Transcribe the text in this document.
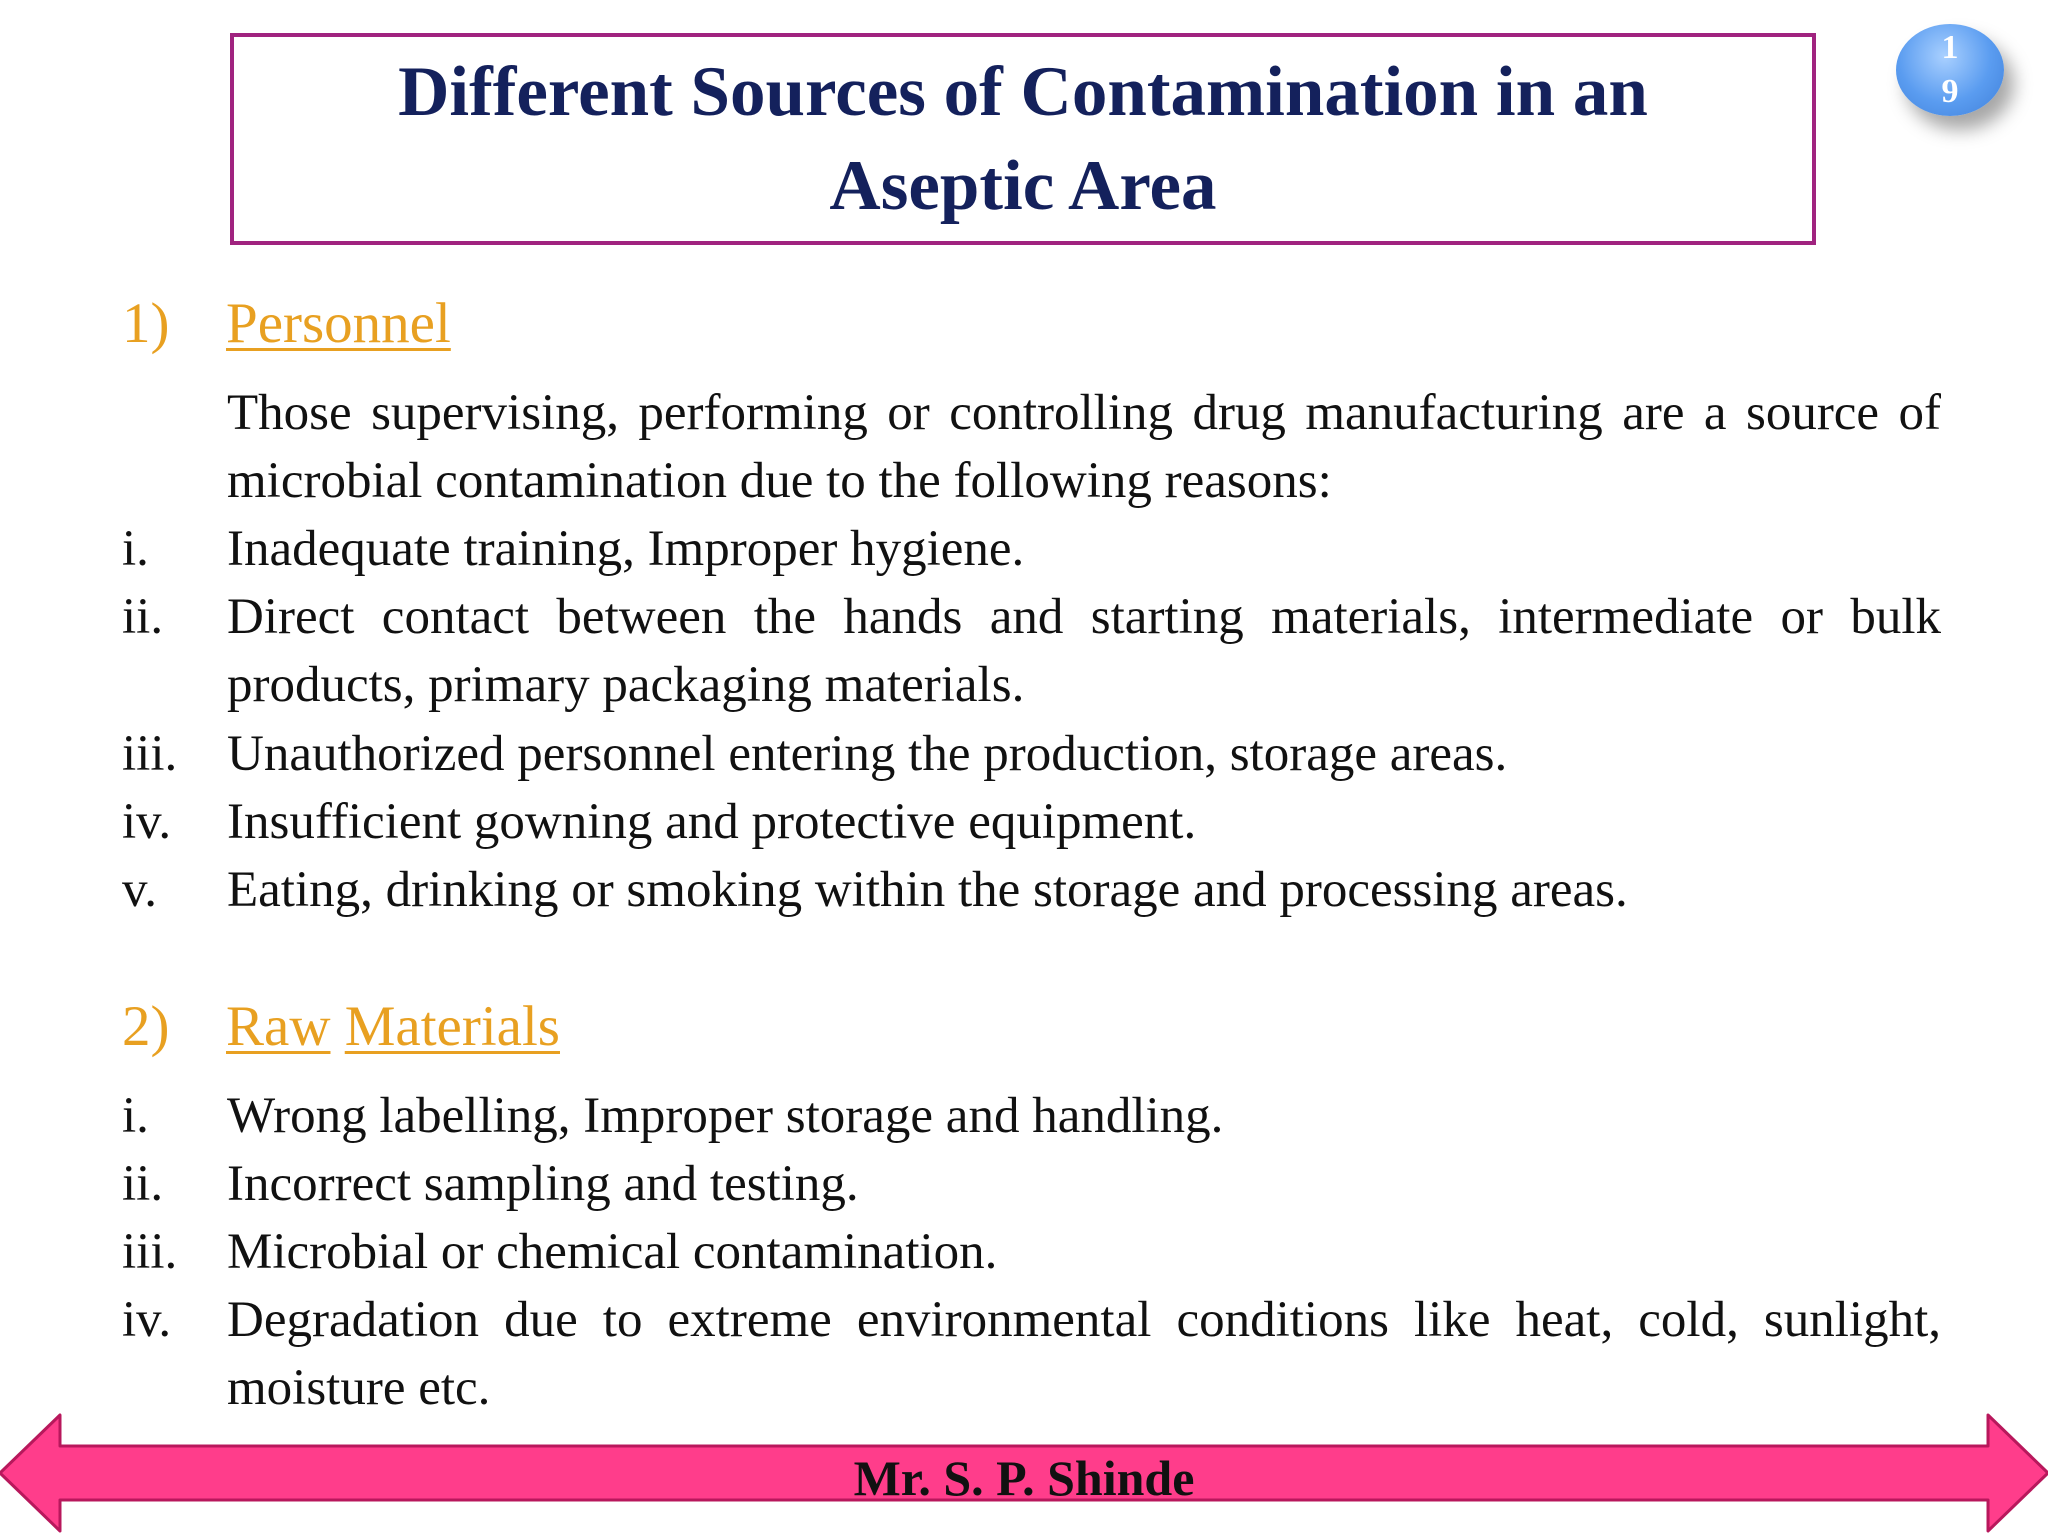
Different Sources of Contamination in an
Aseptic Area
1
9
1) Personnel
Those supervising, performing or controlling drug manufacturing are a source of microbial contamination due to the following reasons:
i.	Inadequate training, Improper hygiene.
ii.	Direct contact between the hands and starting materials, intermediate or bulk products, primary packaging materials.
iii. Unauthorized personnel entering the production, storage areas.
iv.	Insufficient gowning and protective equipment.
v.	Eating, drinking or smoking within the storage and processing areas.
2) Raw Materials
i.	Wrong labelling, Improper storage and handling.
ii.	Incorrect sampling and testing.
iii. Microbial or chemical contamination.
iv.	Degradation due to extreme environmental conditions like heat, cold, sunlight, moisture etc.
Mr. S. P. Shinde
